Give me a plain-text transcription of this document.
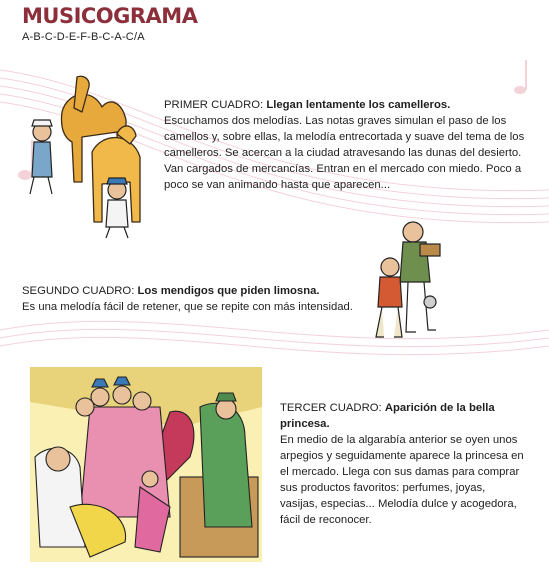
MUSICOGRAMA
A-B-C-D-E-F-B-C-A-C/A
PRIMER CUADRO: Llegan lentamente los camelleros.
Escuchamos dos melodías. Las notas graves simulan el paso de los camellos y, sobre ellas, la melodía entrecortada y suave del tema de los camelleros. Se acercan a la ciudad atravesando las dunas del desierto. Van cargados de mercancías. Entran en el mercado con miedo. Poco a poco se van animando hasta que aparecen...
SEGUNDO CUADRO: Los mendigos que piden limosna.
Es una melodía fácil de retener, que se repite con más intensidad.
TERCER CUADRO: Aparición de la bella princesa.
En medio de la algarabía anterior se oyen unos arpegios y seguidamente aparece la princesa en el mercado. Llega con sus damas para comprar sus productos favoritos: perfumes, joyas, vasijas, especias... Melodía dulce y acogedora, fácil de reconocer.
